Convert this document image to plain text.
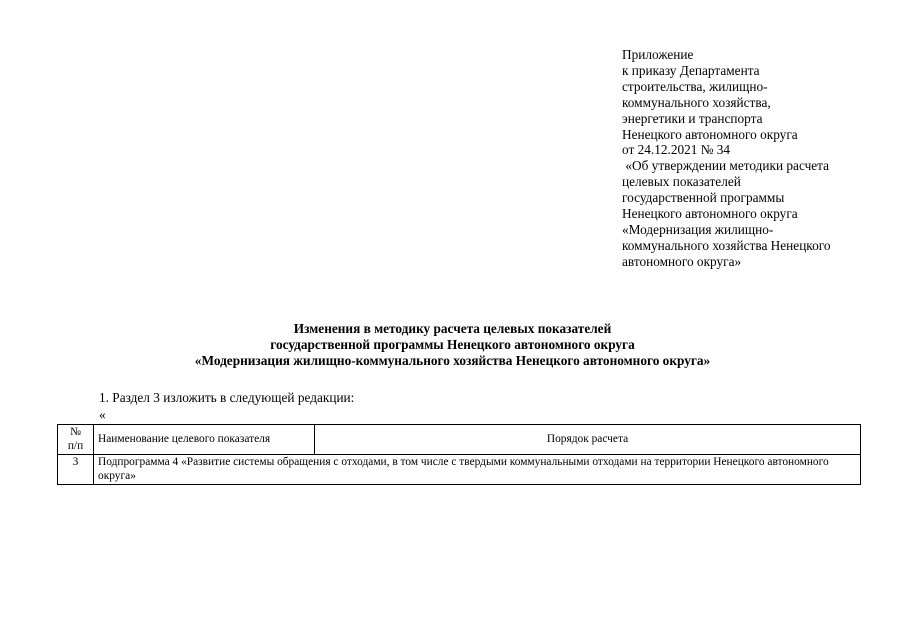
Приложение
к приказу Департамента
строительства, жилищно-
коммунального хозяйства,
энергетики и транспорта
Ненецкого автономного округа
от 24.12.2021 № 34
«Об утверждении методики расчета
целевых показателей
государственной программы
Ненецкого автономного округа
«Модернизация жилищно-
коммунального хозяйства Ненецкого
автономного округа»
Изменения в методику расчета целевых показателей
государственной программы Ненецкого автономного округа
«Модернизация жилищно-коммунального хозяйства Ненецкого автономного округа»
1. Раздел 3 изложить в следующей редакции:
«
№
п/п	Наименование целевого показателя	Порядок расчета
3	Подпрограмма 4 «Развитие системы обращения с отходами, в том числе с твердыми коммунальными отходами на территории Ненецкого автономного округа»	
